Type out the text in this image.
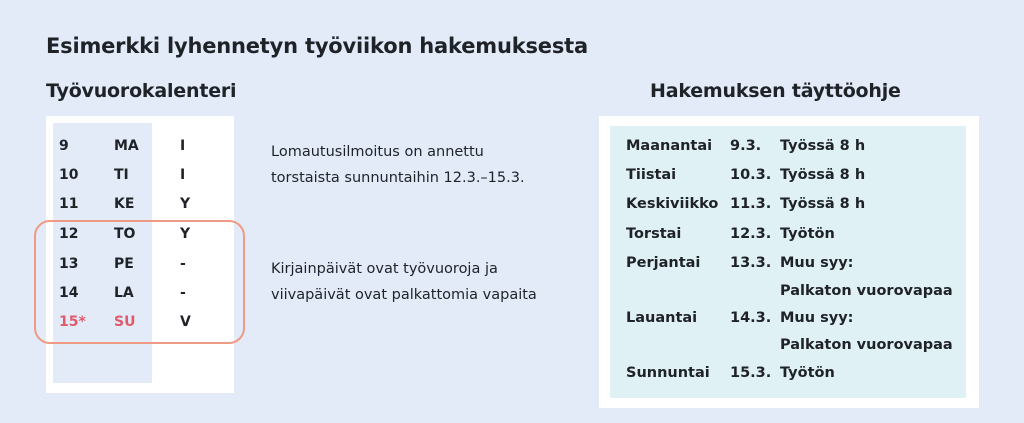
Esimerkki lyhennetyn työviikon hakemuksesta
Työvuorokalenteri	Hakemuksen täyttöohje
9	MA	I
10	TI	I
11	KE	Y
12	TO	Y
13	PE	-
14	LA	-
15* SU	V
Lomautusilmoitus on annettu
torstaista sunnuntaihin 12.3.–15.3.
Kirjainpäivät ovat työvuoroja ja
viivapäivät ovat palkattomia vapaita
Maanantai 9.3. Työssä 8 h
Tiistai	10.3. Työssä 8 h
Keskiviikko 11.3. Työssä 8 h
Torstai	12.3. Työtön
Perjantai 13.3. Muu syy:
Palkaton vuorovapaa
Lauantai 14.3. Muu syy:
Palkaton vuorovapaa
Sunnuntai 15.3. Työtön
